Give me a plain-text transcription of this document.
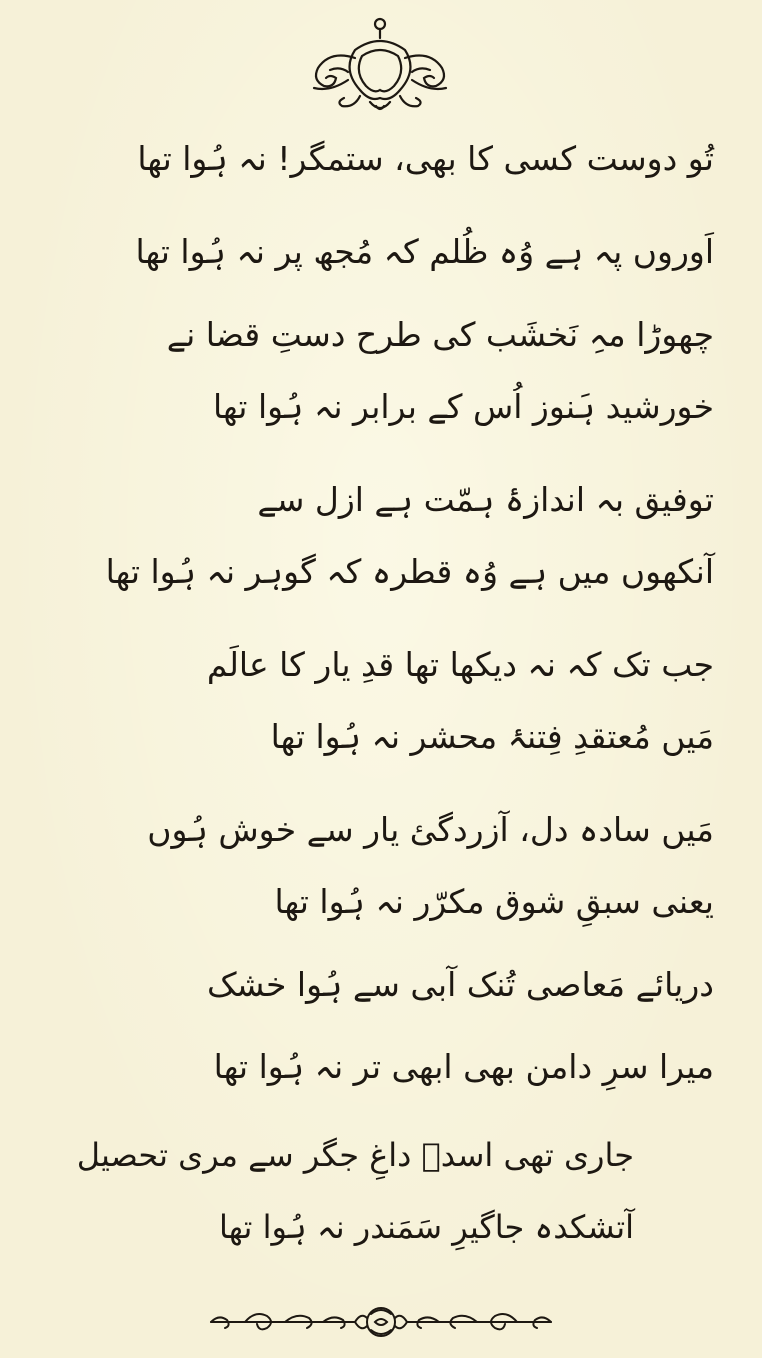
تُو دوست کسی کا بھی، ستمگر! نہ ہُوا تھا
اَوروں پہ ہے وُہ ظُلم کہ مُجھ پر نہ ہُوا تھا
چھوڑا مہِ نَخشَب کی طرح دستِ قضا نے
خورشید ہَنوز اُس کے برابر نہ ہُوا تھا
توفیق بہ اندازۂ ہمّت ہے ازل سے
آنکھوں میں ہے وُہ قطرہ کہ گوہر نہ ہُوا تھا
جب تک کہ نہ دیکھا تھا قدِ یار کا عالَم
مَیں مُعتقدِ فِتنۂ محشر نہ ہُوا تھا
مَیں سادہ دل، آزردگئ یار سے خوش ہُوں
یعنی سبقِ شوق مکرّر نہ ہُوا تھا
دریائے مَعاصی تُنک آبی سے ہُوا خشک
میرا سرِ دامن بھی ابھی تر نہ ہُوا تھا
جاری تھی اسدؔ داغِ جگر سے مری تحصیل
آتشکدہ جاگیرِ سَمَندر نہ ہُوا تھا
